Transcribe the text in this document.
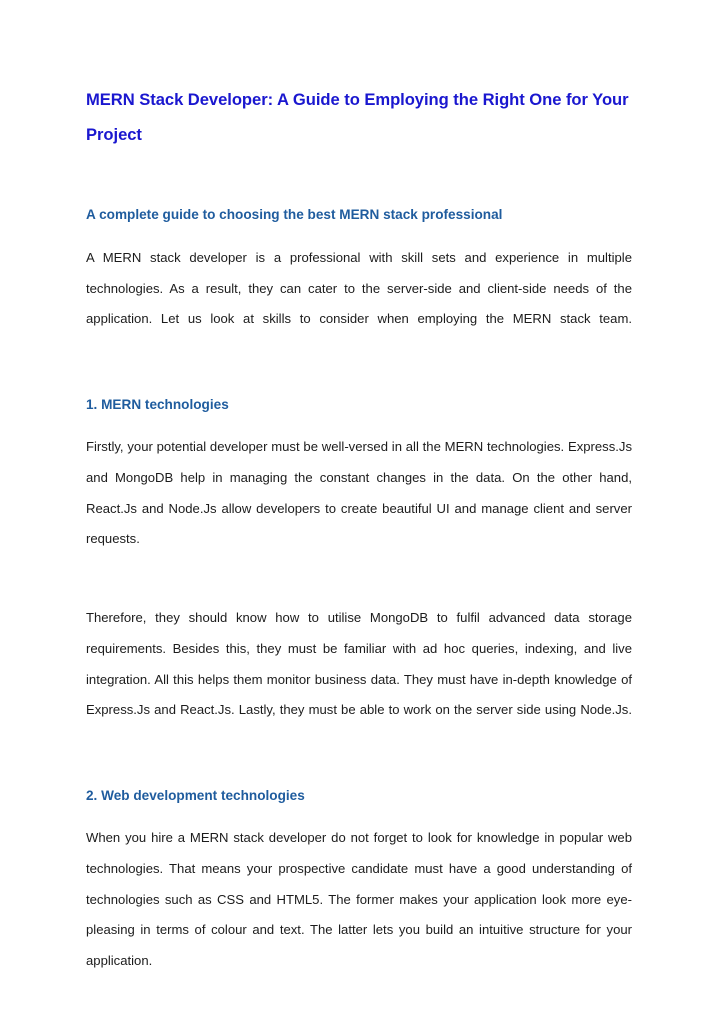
MERN Stack Developer: A Guide to Employing the Right One for Your Project
A complete guide to choosing the best MERN stack professional

A MERN stack developer is a professional with skill sets and experience in multiple technologies. As a result, they can cater to the server-side and client-side needs of the application. Let us look at skills to consider when employing the MERN stack team.

1. MERN technologies

Firstly, your potential developer must be well-versed in all the MERN technologies. Express.Js and MongoDB help in managing the constant changes in the data. On the other hand, React.Js and Node.Js allow developers to create beautiful UI and manage client and server requests.

Therefore, they should know how to utilise MongoDB to fulfil advanced data storage requirements. Besides this, they must be familiar with ad hoc queries, indexing, and live integration. All this helps them monitor business data. They must have in-depth knowledge of Express.Js and React.Js. Lastly, they must be able to work on the server side using Node.Js.

2. Web development technologies

When you hire a MERN stack developer do not forget to look for knowledge in popular web technologies. That means your prospective candidate must have a good understanding of technologies such as CSS and HTML5. The former makes your application look more eye-pleasing in terms of colour and text. The latter lets you build an intuitive structure for your application.
